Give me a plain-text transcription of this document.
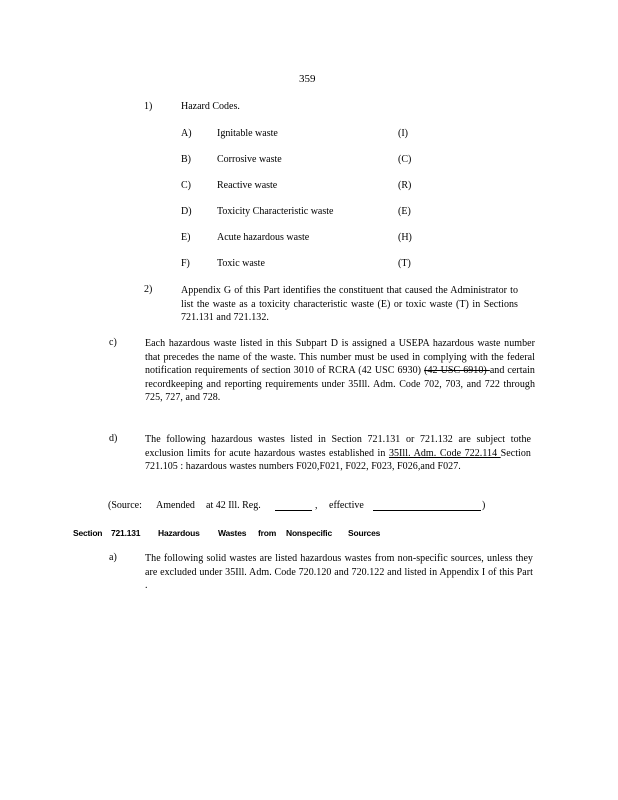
359
1)	Hazard Codes.
A)	Ignitable waste	(I)
B)	Corrosive waste	(C)
C)	Reactive waste	(R)
D)	Toxicity Characteristic waste	(E)
E)	Acute hazardous waste	(H)
F)	Toxic waste	(T)
2)	Appendix G of this Part identifies the constituent that caused the Administrator to list the waste as a toxicity characteristic waste (E) or toxic waste (T) in Sections 721.131 and 721.132.
c)	Each hazardous waste listed in this Subpart D is assigned a USEPA hazardous waste number that precedes the name of the waste. This number must be used in complying with the federal notification requirements of section 3010 of RCRA (42 USC 6930) (42 USC 6910) and certain recordkeeping and reporting requirements under 35Ill. Adm. Code 702, 703, and 722 through 725, 727, and 728.
d)	The following hazardous wastes listed in Section 721.131 or 721.132 are subject tothe exclusion limits for acute hazardous wastes established in 35Ill. Adm. Code 722.114 Section 721.105 : hazardous wastes numbers F020,F021, F022, F023, F026,and F027.
(Source: Amended at 42 Ill. Reg.	, effective	)
Section 721.131 Hazardous Wastes from Nonspecific Sources
a)	The following solid wastes are listed hazardous wastes from non-specific sources, unless they are excluded under 35Ill. Adm. Code 720.120 and 720.122 and listed in Appendix I of this Part .
